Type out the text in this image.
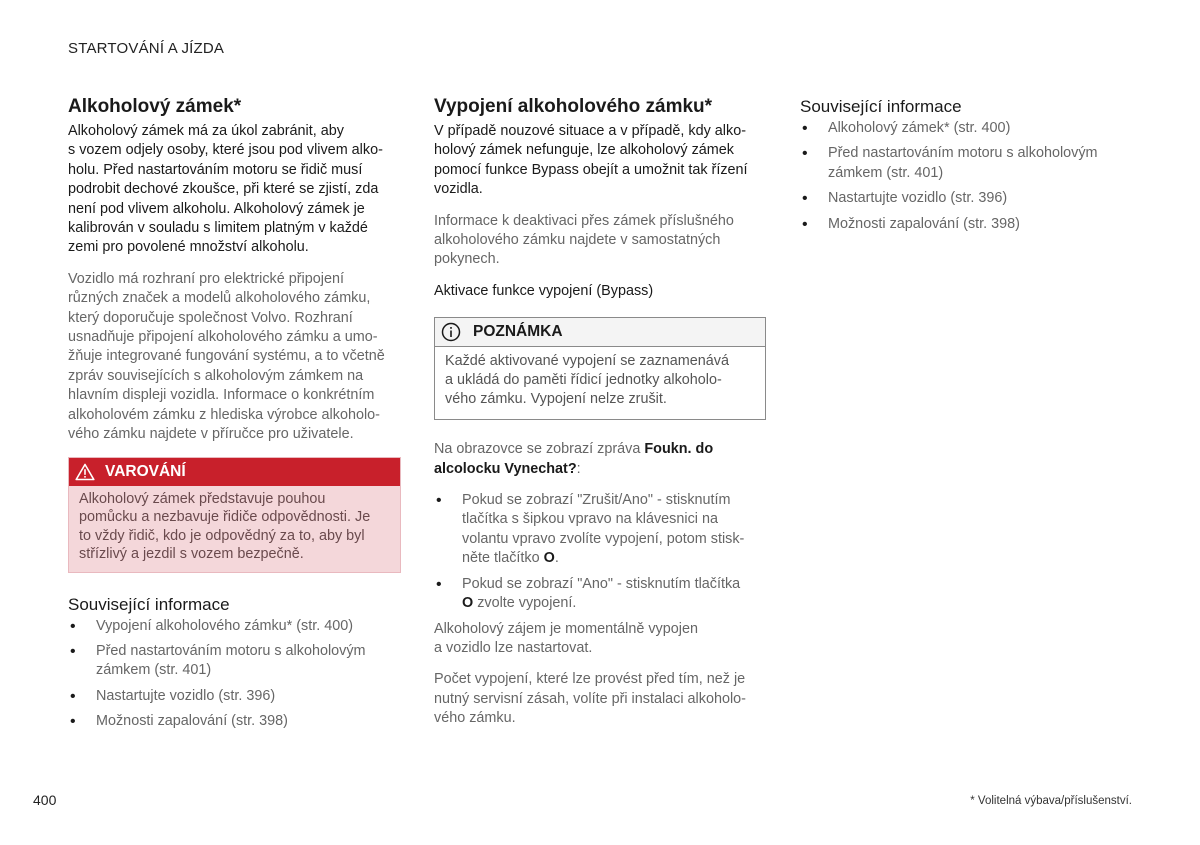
STARTOVÁNÍ A JÍZDA
Alkoholový zámek*

Alkoholový zámek má za úkol zabránit, aby
s vozem odjely osoby, které jsou pod vlivem alko-
holu. Před nastartováním motoru se řidič musí
podrobit dechové zkoušce, při které se zjistí, zda
není pod vlivem alkoholu. Alkoholový zámek je
kalibrován v souladu s limitem platným v každé
zemi pro povolené množství alkoholu.

Vozidlo má rozhraní pro elektrické připojení
různých značek a modelů alkoholového zámku,
který doporučuje společnost Volvo. Rozhraní
usnadňuje připojení alkoholového zámku a umo-
žňuje integrované fungování systému, a to včetně
zpráv souvisejících s alkoholovým zámkem na
hlavním displeji vozidla. Informace o konkrétním
alkoholovém zámku z hlediska výrobce alkoholo-
vého zámku najdete v příručce pro uživatele.

VAROVÁNÍ
Alkoholový zámek představuje pouhou
pomůcku a nezbavuje řidiče odpovědnosti. Je
to vždy řidič, kdo je odpovědný za to, aby byl
střízlivý a jezdil s vozem bezpečně.
Související informace
• Vypojení alkoholového zámku* (str. 400)
• Před nastartováním motoru s alkoholovým
zámkem (str. 401)
• Nastartujte vozidlo (str. 396)
• Možnosti zapalování (str. 398)
Vypojení alkoholového zámku*

V případě nouzové situace a v případě, kdy alko-
holový zámek nefunguje, lze alkoholový zámek
pomocí funkce Bypass obejít a umožnit tak řízení
vozidla.

Informace k deaktivaci přes zámek příslušného
alkoholového zámku najdete v samostatných
pokynech.

Aktivace funkce vypojení (Bypass)

POZNÁMKA
Každé aktivované vypojení se zaznamenává
a ukládá do paměti řídicí jednotky alkoholo-
vého zámku. Vypojení nelze zrušit.

Na obrazovce se zobrazí zpráva Foukn. do
alcolocku Vynechat?:

• Pokud se zobrazí "Zrušit/Ano" - stisknutím
tlačítka s šipkou vpravo na klávesnici na
volantu vpravo zvolíte vypojení, potom stisk-
něte tlačítko O.
• Pokud se zobrazí "Ano" - stisknutím tlačítka
O zvolte vypojení.

Alkoholový zájem je momentálně vypojen
a vozidlo lze nastartovat.

Počet vypojení, které lze provést před tím, než je
nutný servisní zásah, volíte při instalaci alkoholo-
vého zámku.

Související informace
• Alkoholový zámek* (str. 400)
• Před nastartováním motoru s alkoholovým
zámkem (str. 401)
• Nastartujte vozidlo (str. 396)
• Možnosti zapalování (str. 398)
400	* Volitelná výbava/příslušenství.
